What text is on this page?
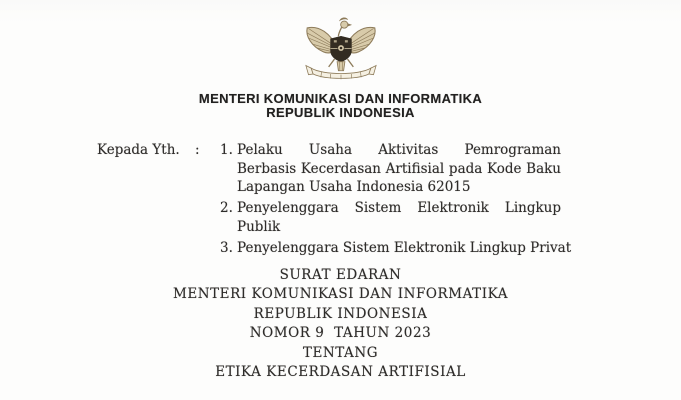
MENTERI KOMUNIKASI DAN INFORMATIKA
REPUBLIK INDONESIA
Kepada Yth.	:	1. Pelaku Usaha Aktivitas Pemrograman
Berbasis Kecerdasan Artifisial pada Kode Baku
Lapangan Usaha Indonesia 62015
2. Penyelenggara Sistem Elektronik Lingkup
Publik
3. Penyelenggara Sistem Elektronik Lingkup Privat
SURAT EDARAN
MENTERI KOMUNIKASI DAN INFORMATIKA
REPUBLIK INDONESIA
NOMOR 9  TAHUN 2023
TENTANG
ETIKA KECERDASAN ARTIFISIAL
